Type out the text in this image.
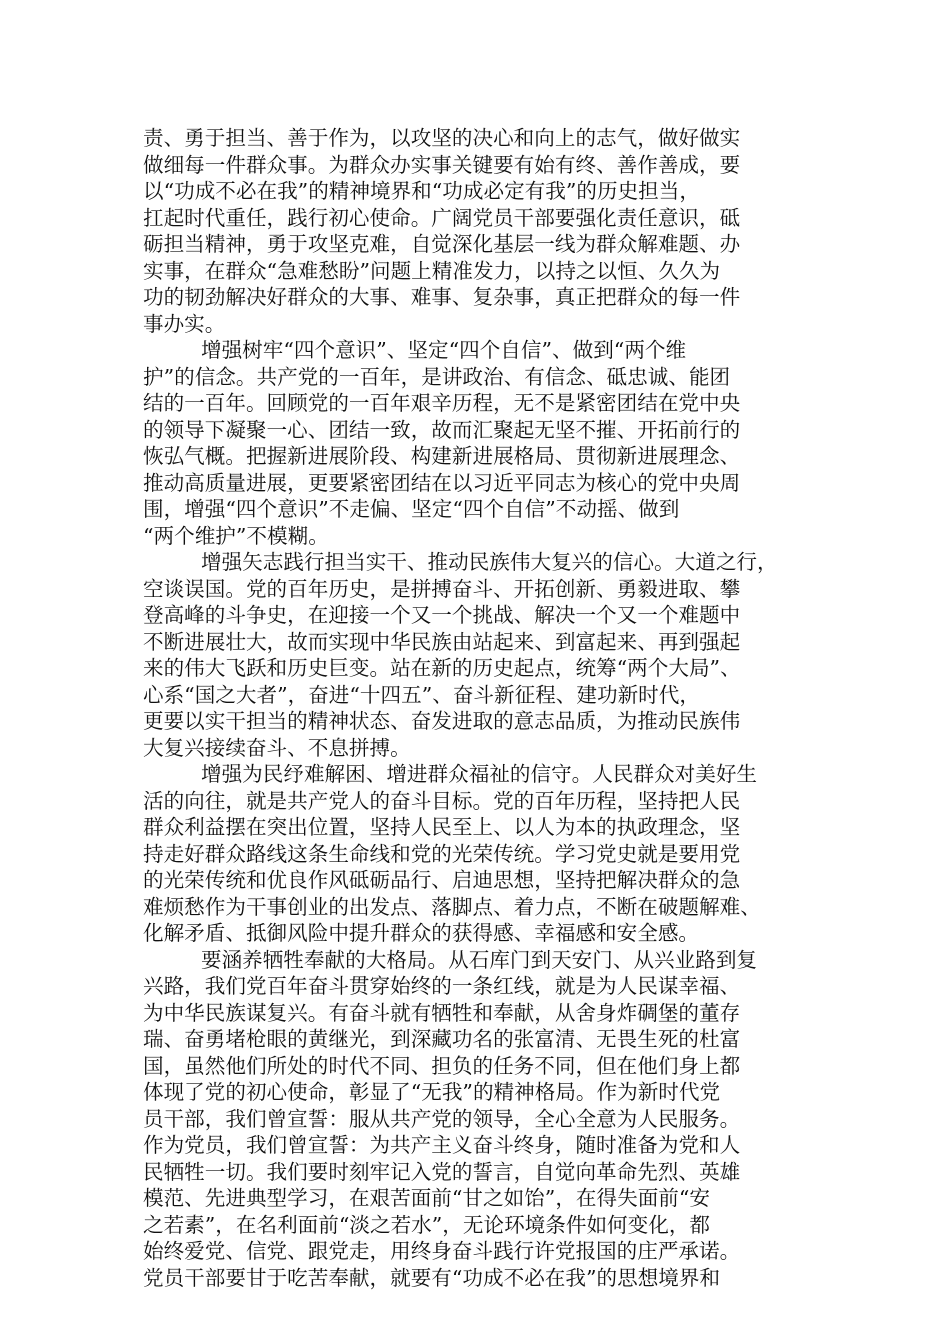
责、勇于担当、善于作为，以攻坚的决心和向上的志气，做好做实
做细每一件群众事。为群众办实事关键要有始有终、善作善成，要
以“功成不必在我”的精神境界和“功成必定有我”的历史担当，
扛起时代重任，践行初心使命。广阔党员干部要强化责任意识，砥
砺担当精神，勇于攻坚克难，自觉深化基层一线为群众解难题、办
实事，在群众“急难愁盼”问题上精准发力，以持之以恒、久久为
功的韧劲解决好群众的大事、难事、复杂事，真正把群众的每一件
事办实。
增强树牢“四个意识”、坚定“四个自信”、做到“两个维
护”的信念。共产党的一百年，是讲政治、有信念、砥忠诚、能团
结的一百年。回顾党的一百年艰辛历程，无不是紧密团结在党中央
的领导下凝聚一心、团结一致，故而汇聚起无坚不摧、开拓前行的
恢弘气概。把握新进展阶段、构建新进展格局、贯彻新进展理念、
推动高质量进展，更要紧密团结在以习近平同志为核心的党中央周
围，增强“四个意识”不走偏、坚定“四个自信”不动摇、做到
“两个维护”不模糊。
增强矢志践行担当实干、推动民族伟大复兴的信心。大道之行，
空谈误国。党的百年历史，是拼搏奋斗、开拓创新、勇毅进取、攀
登高峰的斗争史，在迎接一个又一个挑战、解决一个又一个难题中
不断进展壮大，故而实现中华民族由站起来、到富起来、再到强起
来的伟大飞跃和历史巨变。站在新的历史起点，统筹“两个大局”、
心系“国之大者”，奋进“十四五”、奋斗新征程、建功新时代，
更要以实干担当的精神状态、奋发进取的意志品质，为推动民族伟
大复兴接续奋斗、不息拼搏。
增强为民纾难解困、增进群众福祉的信守。人民群众对美好生
活的向往，就是共产党人的奋斗目标。党的百年历程，坚持把人民
群众利益摆在突出位置，坚持人民至上、以人为本的执政理念，坚
持走好群众路线这条生命线和党的光荣传统。学习党史就是要用党
的光荣传统和优良作风砥砺品行、启迪思想，坚持把解决群众的急
难烦愁作为干事创业的出发点、落脚点、着力点，不断在破题解难、
化解矛盾、抵御风险中提升群众的获得感、幸福感和安全感。
要涵养牺牲奉献的大格局。从石库门到天安门、从兴业路到复
兴路，我们党百年奋斗贯穿始终的一条红线，就是为人民谋幸福、
为中华民族谋复兴。有奋斗就有牺牲和奉献，从舍身炸碉堡的董存
瑞、奋勇堵枪眼的黄继光，到深藏功名的张富清、无畏生死的杜富
国，虽然他们所处的时代不同、担负的任务不同，但在他们身上都
体现了党的初心使命，彰显了“无我”的精神格局。作为新时代党
员干部，我们曾宣誓：服从共产党的领导，全心全意为人民服务。
作为党员，我们曾宣誓：为共产主义奋斗终身，随时准备为党和人
民牺牲一切。我们要时刻牢记入党的誓言，自觉向革命先烈、英雄
模范、先进典型学习，在艰苦面前“甘之如饴”，在得失面前“安
之若素”，在名利面前“淡之若水”，无论环境条件如何变化，都
始终爱党、信党、跟党走，用终身奋斗践行许党报国的庄严承诺。
党员干部要甘于吃苦奉献，就要有“功成不必在我”的思想境界和
